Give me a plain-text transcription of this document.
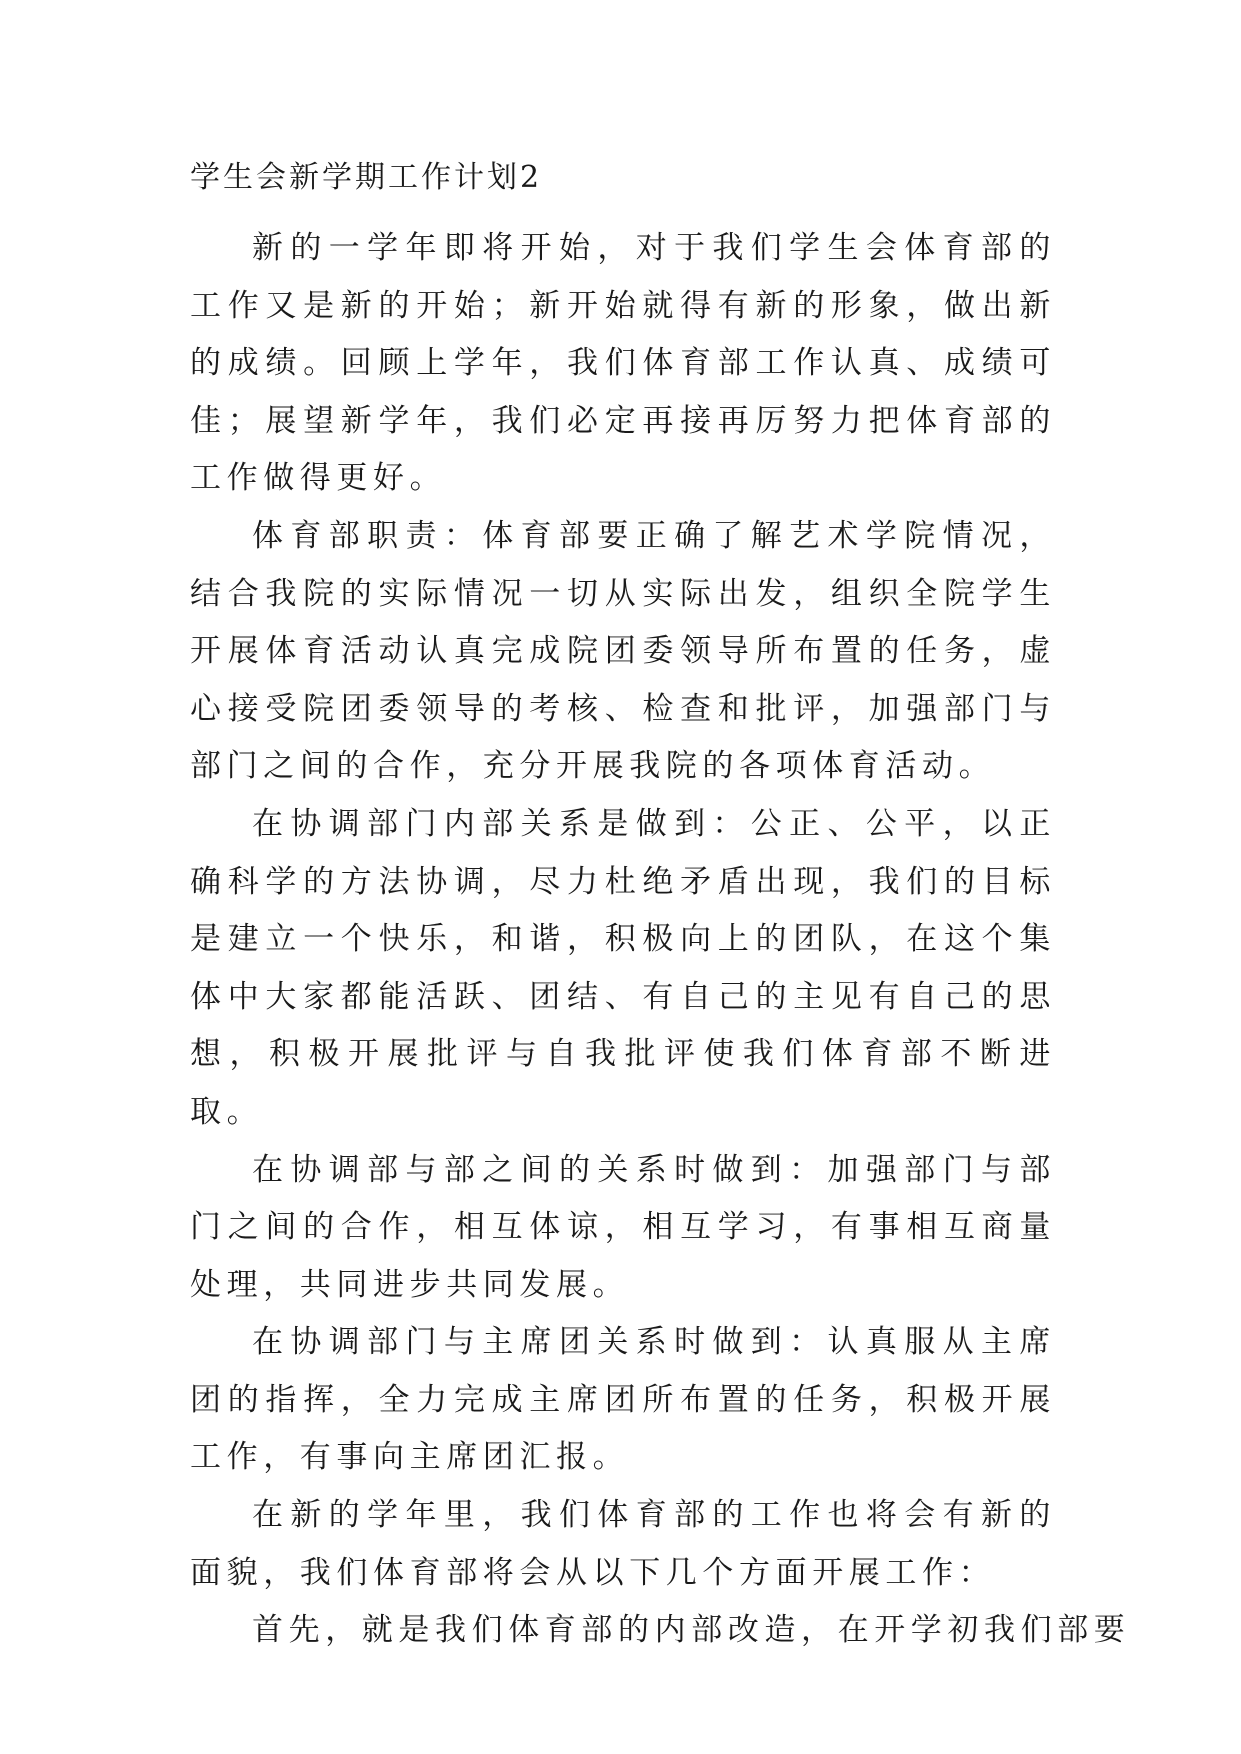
学生会新学期工作计划2

新的一学年即将开始，对于我们学生会体育部的工作又是新的开始；新开始就得有新的形象，做出新的成绩。回顾上学年，我们体育部工作认真、成绩可佳；展望新学年，我们必定再接再厉努力把体育部的工作做得更好。

体育部职责：体育部要正确了解艺术学院情况，结合我院的实际情况一切从实际出发，组织全院学生开展体育活动认真完成院团委领导所布置的任务，虚心接受院团委领导的考核、检查和批评，加强部门与部门之间的合作，充分开展我院的各项体育活动。

在协调部门内部关系是做到：公正、公平，以正确科学的方法协调，尽力杜绝矛盾出现，我们的目标是建立一个快乐，和谐，积极向上的团队，在这个集体中大家都能活跃、团结、有自己的主见有自己的思想，积极开展批评与自我批评使我们体育部不断进取。

在协调部与部之间的关系时做到：加强部门与部门之间的合作，相互体谅，相互学习，有事相互商量处理，共同进步共同发展。

在协调部门与主席团关系时做到：认真服从主席团的指挥，全力完成主席团所布置的任务，积极开展工作，有事向主席团汇报。

在新的学年里，我们体育部的工作也将会有新的面貌，我们体育部将会从以下几个方面开展工作：

首先，就是我们体育部的内部改造，在开学初我们部要
